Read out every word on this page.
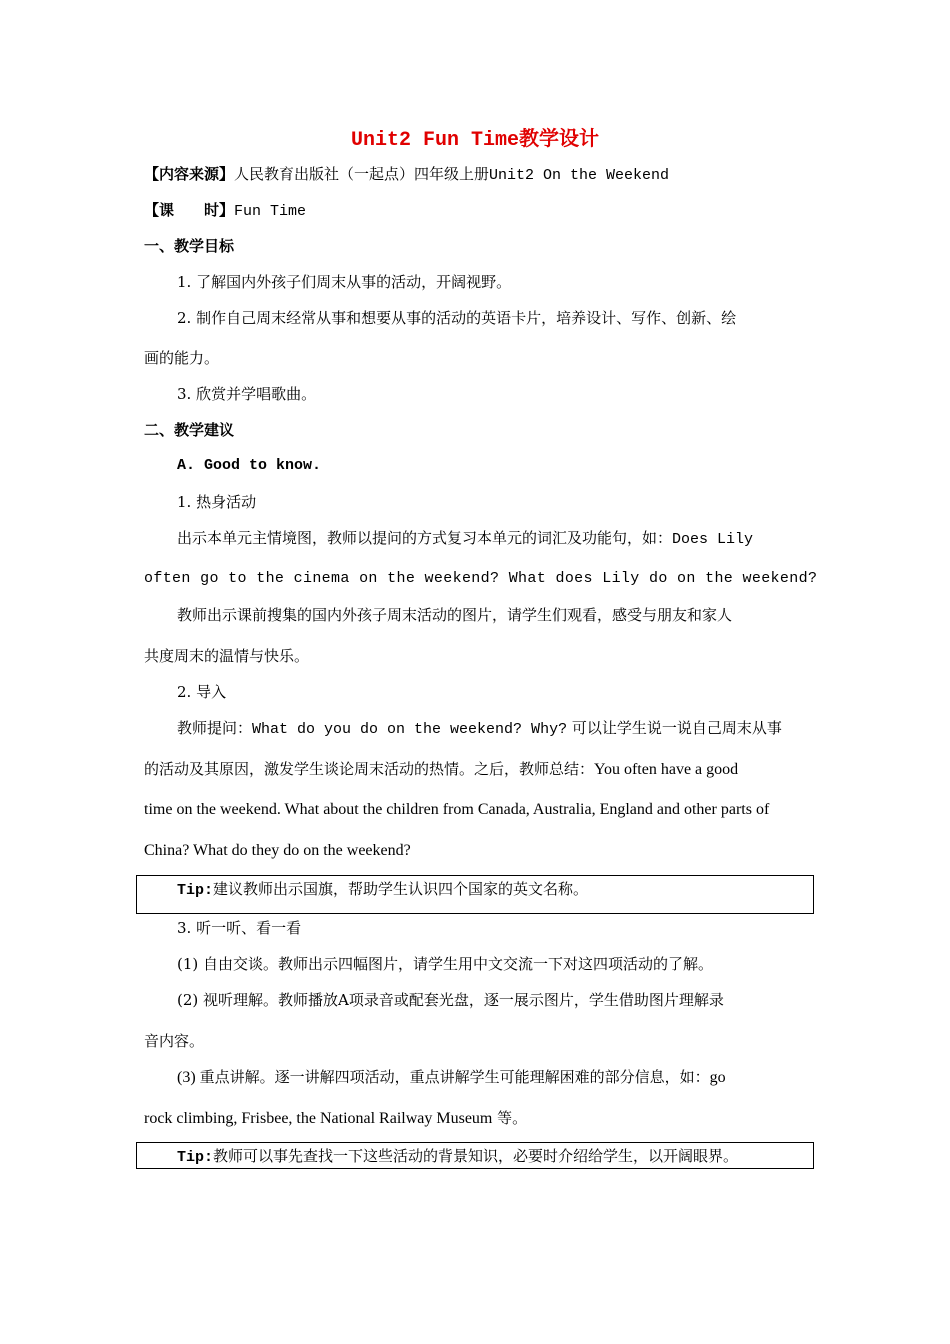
Unit2 Fun Time教学设计
【内容来源】人民教育出版社（一起点）四年级上册Unit2 On the Weekend
【课　　时】Fun Time
一、教学目标
1. 了解国内外孩子们周末从事的活动，开阔视野。
2. 制作自己周末经常从事和想要从事的活动的英语卡片，培养设计、写作、创新、绘
画的能力。
3. 欣赏并学唱歌曲。
二、教学建议
A. Good to know.
1. 热身活动
出示本单元主情境图，教师以提问的方式复习本单元的词汇及功能句，如：Does Lily
often go to the cinema on the weekend? What does Lily do on the weekend?
教师出示课前搜集的国内外孩子周末活动的图片，请学生们观看，感受与朋友和家人
共度周末的温情与快乐。
2. 导入
教师提问：What do you do on the weekend? Why? 可以让学生说一说自己周末从事
的活动及其原因，激发学生谈论周末活动的热情。之后，教师总结：You often have a good
time on the weekend. What about the children from Canada, Australia, England and other parts of
China? What do they do on the weekend?
Tip:建议教师出示国旗，帮助学生认识四个国家的英文名称。
3. 听一听、看一看
(1) 自由交谈。教师出示四幅图片，请学生用中文交流一下对这四项活动的了解。
(2) 视听理解。教师播放A项录音或配套光盘，逐一展示图片，学生借助图片理解录
音内容。
(3) 重点讲解。逐一讲解四项活动，重点讲解学生可能理解困难的部分信息，如：go
rock climbing, Frisbee, the National Railway Museum 等。
Tip:教师可以事先查找一下这些活动的背景知识，必要时介绍给学生，以开阔眼界。
